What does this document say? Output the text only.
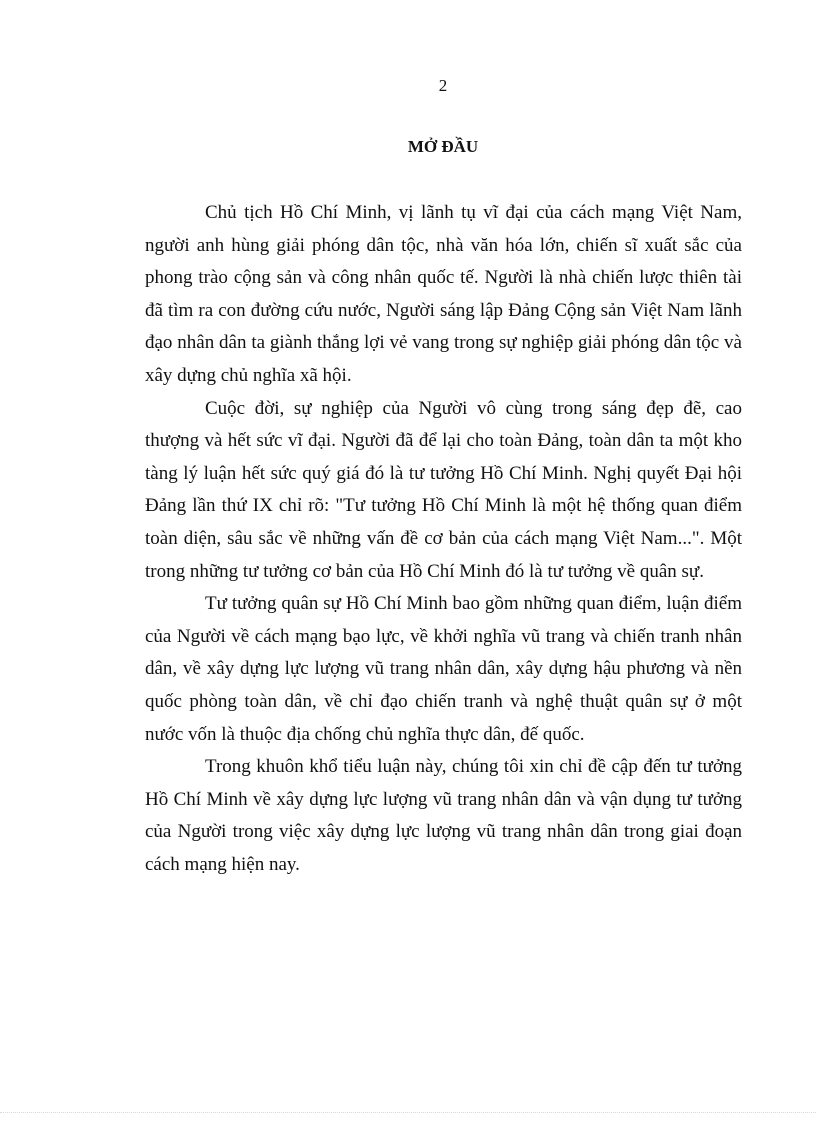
2
MỞ ĐẦU

Chủ tịch Hồ Chí Minh, vị lãnh tụ vĩ đại của cách mạng Việt Nam, người anh hùng giải phóng dân tộc, nhà văn hóa lớn, chiến sĩ xuất sắc của phong trào cộng sản và công nhân quốc tế. Người là nhà chiến lược thiên tài đã tìm ra con đường cứu nước, Người sáng lập Đảng Cộng sản Việt Nam lãnh đạo nhân dân ta giành thắng lợi vẻ vang trong sự nghiệp giải phóng dân tộc và xây dựng chủ nghĩa xã hội.

Cuộc đời, sự nghiệp của Người vô cùng trong sáng đẹp đẽ, cao thượng và hết sức vĩ đại. Người đã để lại cho toàn Đảng, toàn dân ta một kho tàng lý luận hết sức quý giá đó là tư tưởng Hồ Chí Minh. Nghị quyết Đại hội Đảng lần thứ IX chỉ rõ: "Tư tưởng Hồ Chí Minh là một hệ thống quan điểm toàn diện, sâu sắc về những vấn đề cơ bản của cách mạng Việt Nam...". Một trong những tư tưởng cơ bản của Hồ Chí Minh đó là tư tưởng về quân sự.

Tư tưởng quân sự Hồ Chí Minh bao gồm những quan điểm, luận điểm của Người về cách mạng bạo lực, về khởi nghĩa vũ trang và chiến tranh nhân dân, về xây dựng lực lượng vũ trang nhân dân, xây dựng hậu phương và nền quốc phòng toàn dân, về chỉ đạo chiến tranh và nghệ thuật quân sự ở một nước vốn là thuộc địa chống chủ nghĩa thực dân, đế quốc.

Trong khuôn khổ tiểu luận này, chúng tôi xin chỉ đề cập đến tư tưởng Hồ Chí Minh về xây dựng lực lượng vũ trang nhân dân và vận dụng tư tưởng của Người trong việc xây dựng lực lượng vũ trang nhân dân trong giai đoạn cách mạng hiện nay.
